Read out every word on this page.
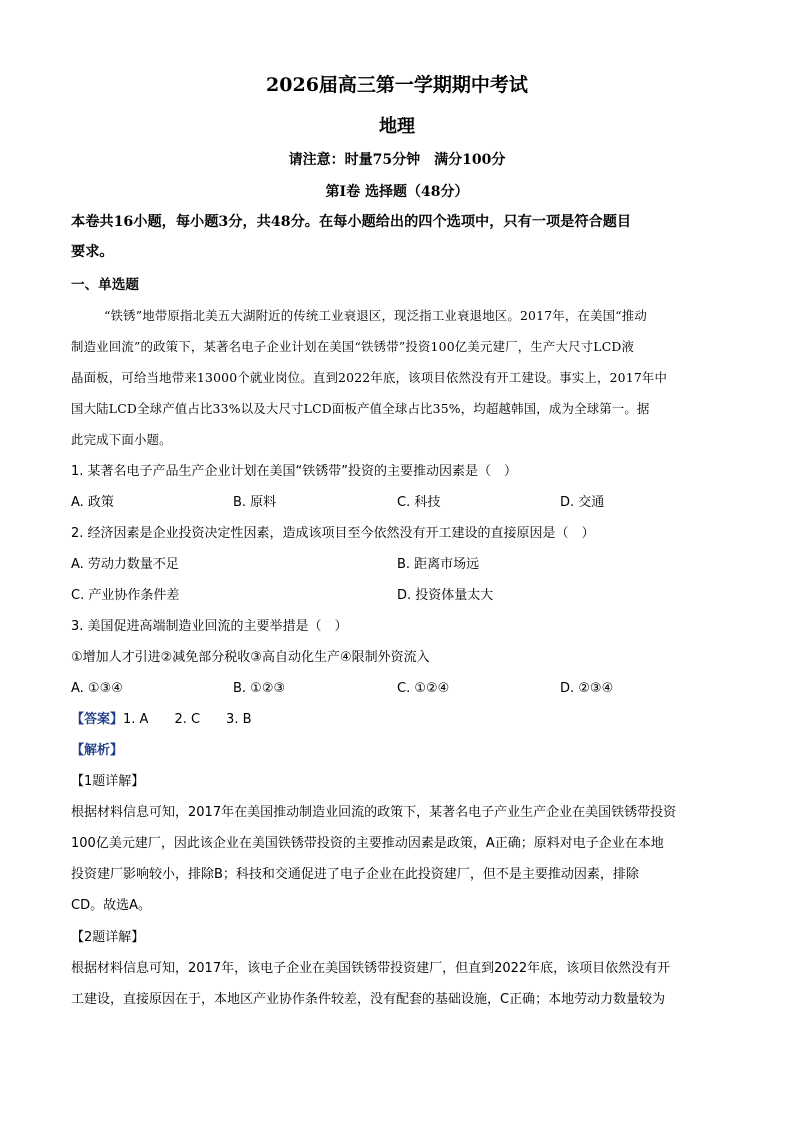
2026届高三第一学期期中考试
地理
请注意：时量75分钟　满分100分
第Ⅰ卷 选择题（48分）
本卷共16小题，每小题3分，共48分。在每小题给出的四个选项中，只有一项是符合题目
要求。
一、单选题
“铁锈”地带原指北美五大湖附近的传统工业衰退区，现泛指工业衰退地区。2017年，在美国“推动
制造业回流”的政策下，某著名电子企业计划在美国“铁锈带”投资100亿美元建厂，生产大尺寸LCD液
晶面板，可给当地带来13000个就业岗位。直到2022年底，该项目依然没有开工建设。事实上，2017年中
国大陆LCD全球产值占比33%以及大尺寸LCD面板产值全球占比35%，均超越韩国，成为全球第一。据
此完成下面小题。
1. 某著名电子产品生产企业计划在美国“铁锈带”投资的主要推动因素是（　）
A. 政策	B. 原料	C. 科技	D. 交通
2. 经济因素是企业投资决定性因素，造成该项目至今依然没有开工建设的直接原因是（　）
A. 劳动力数量不足	B. 距离市场远
C. 产业协作条件差	D. 投资体量太大
3. 美国促进高端制造业回流的主要举措是（　）
①增加人才引进②减免部分税收③高自动化生产④限制外资流入
A. ①③④	B. ①②③	C. ①②④	D. ②③④
【答案】1. A　　2. C　　3. B
【解析】
【1题详解】
根据材料信息可知，2017年在美国推动制造业回流的政策下，某著名电子产业生产企业在美国铁锈带投资
100亿美元建厂，因此该企业在美国铁锈带投资的主要推动因素是政策，A正确；原料对电子企业在本地
投资建厂影响较小，排除B；科技和交通促进了电子企业在此投资建厂，但不是主要推动因素，排除
CD。故选A。
【2题详解】
根据材料信息可知，2017年，该电子企业在美国铁锈带投资建厂，但直到2022年底，该项目依然没有开
工建设，直接原因在于，本地区产业协作条件较差，没有配套的基础设施，C正确；本地劳动力数量较为
